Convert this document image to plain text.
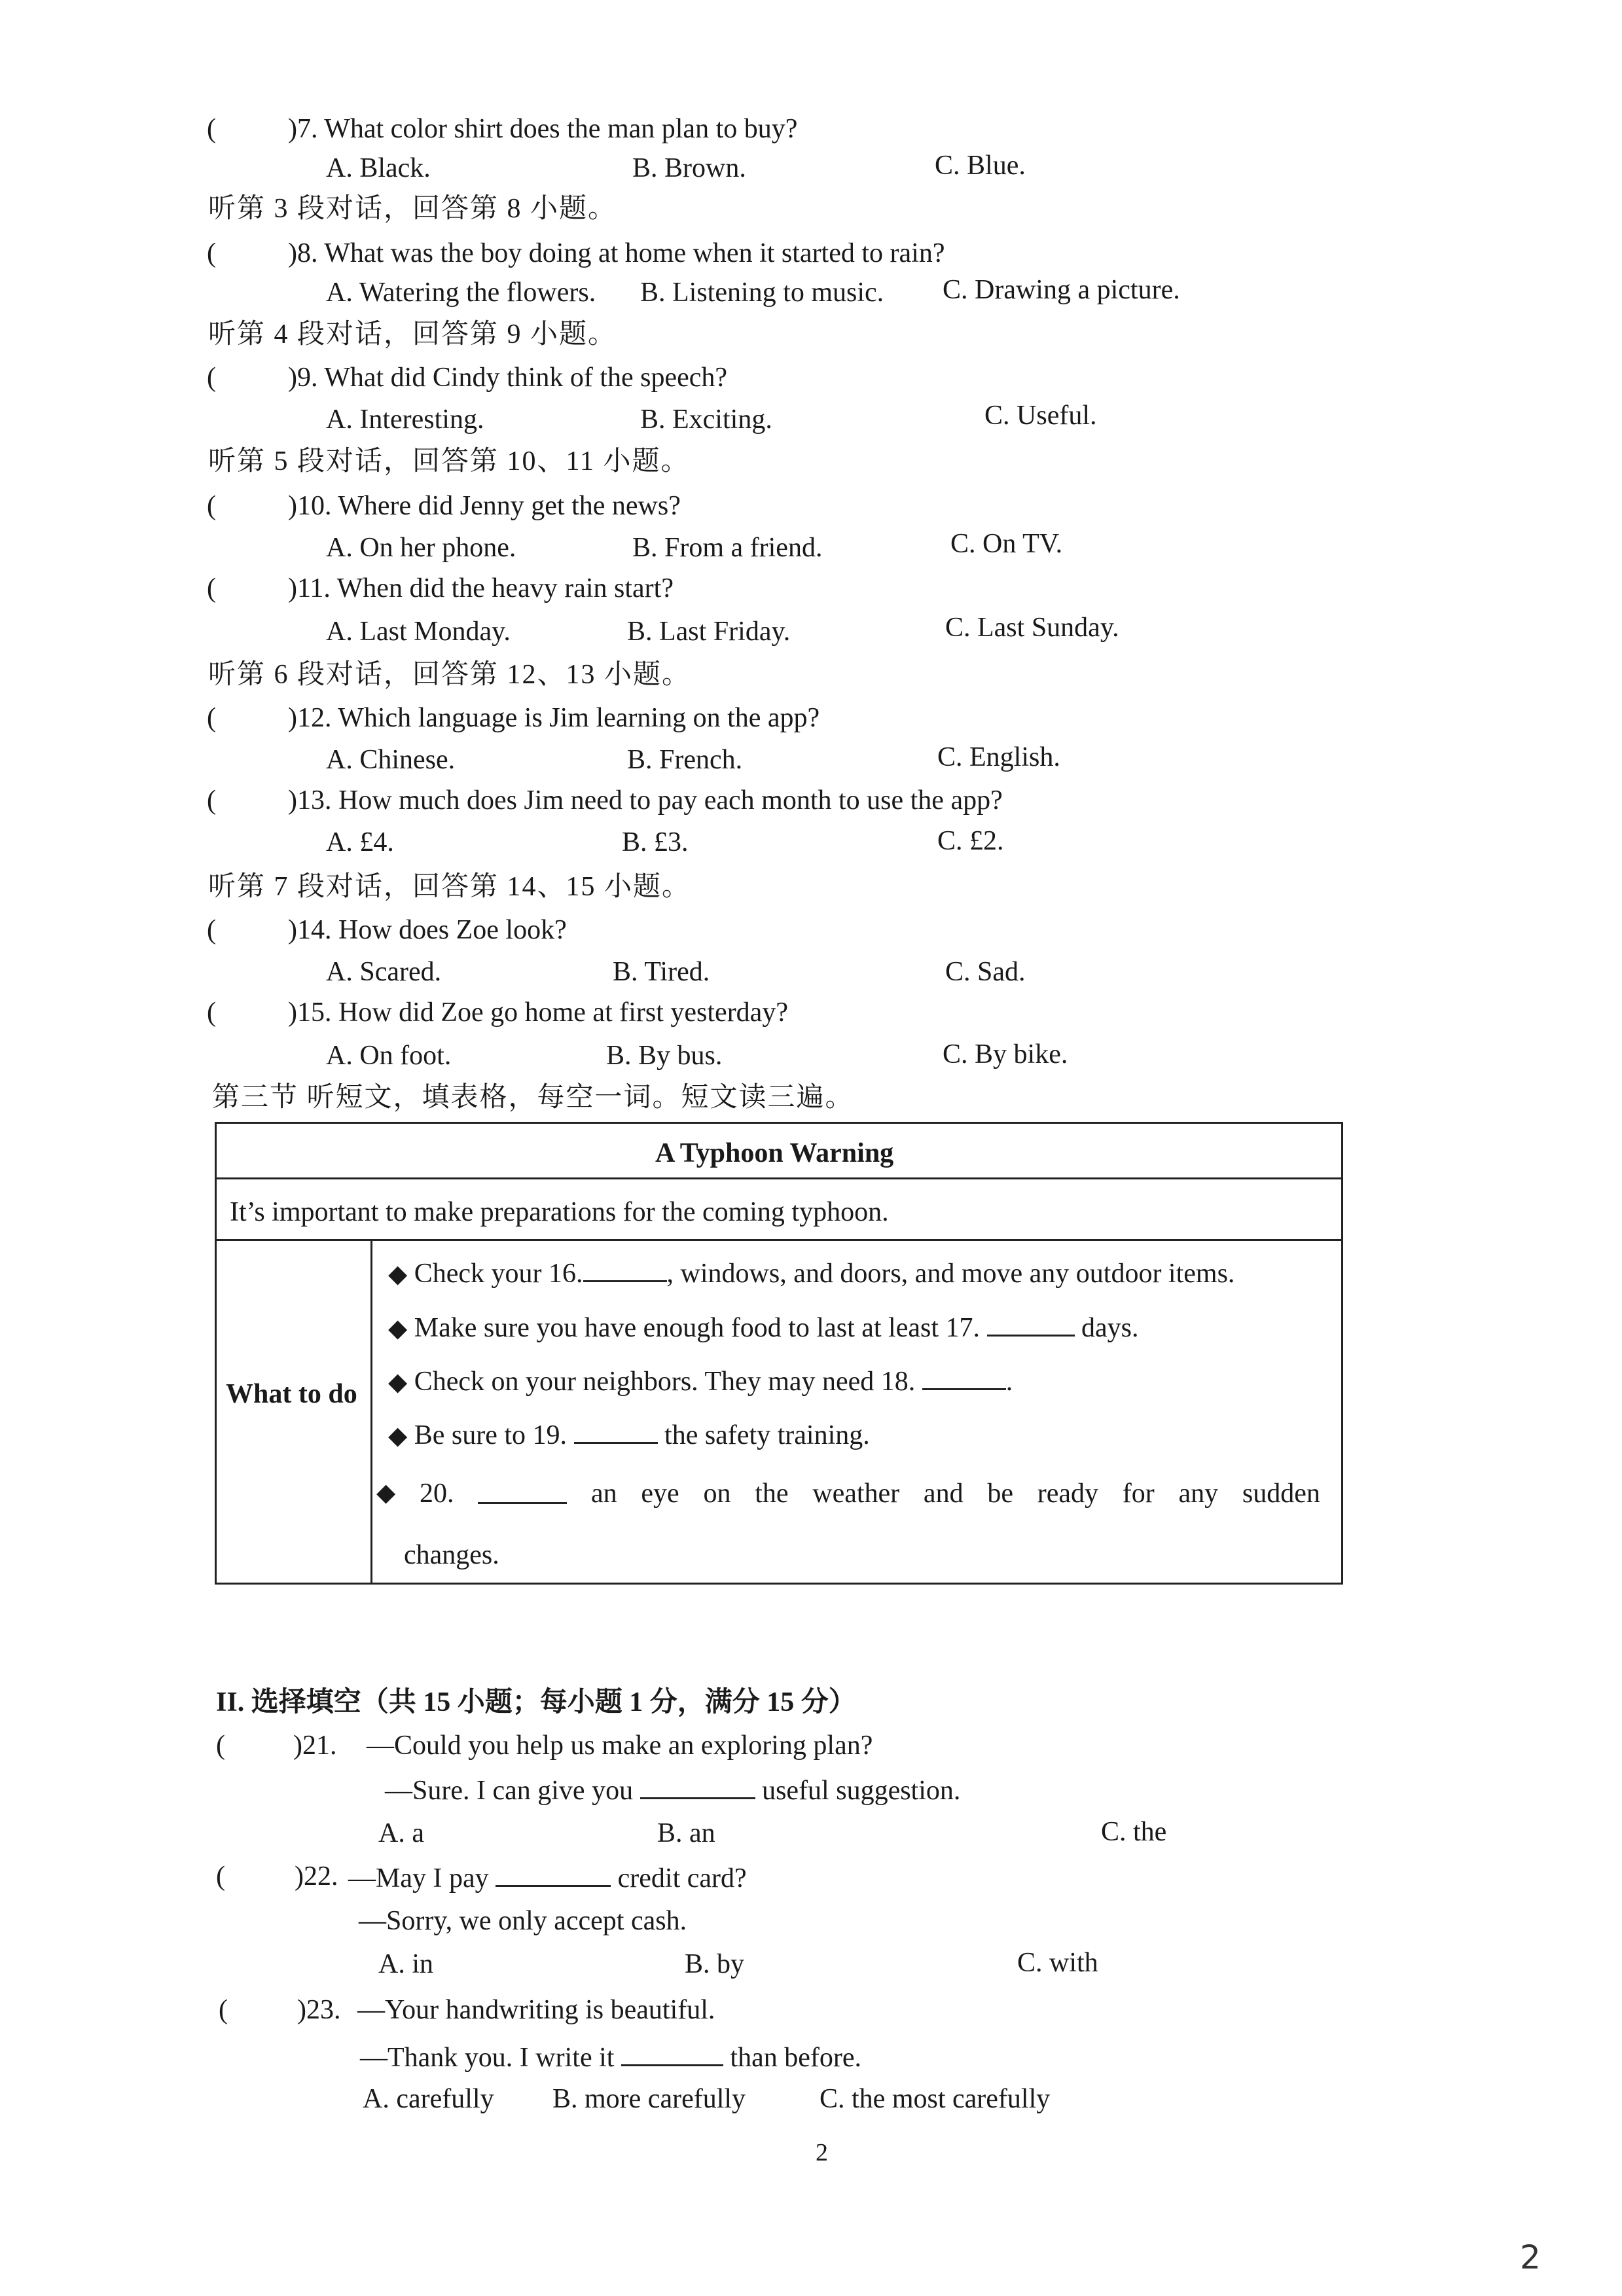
(	)7. What color shirt does the man plan to buy?
A. Black.	B. Brown.	C. Blue.
听第 3 段对话，回答第 8 小题。
(	)8. What was the boy doing at home when it started to rain?
A. Watering the flowers. B. Listening to music. C. Drawing a picture.
听第 4 段对话，回答第 9 小题。
(	)9. What did Cindy think of the speech?
A. Interesting.	B. Exciting.	C. Useful.
听第 5 段对话，回答第 10、11 小题。
(	)10. Where did Jenny get the news?
A. On her phone.	B. From a friend.	C. On TV.
(	)11. When did the heavy rain start?
A. Last Monday.	B. Last Friday.	C. Last Sunday.
听第 6 段对话，回答第 12、13 小题。
(	)12. Which language is Jim learning on the app?
A. Chinese.	B. French.	C. English.
(	)13. How much does Jim need to pay each month to use the app?
A. £4.	B. £3.	C. £2.
听第 7 段对话，回答第 14、15 小题。
(	)14. How does Zoe look?
A. Scared.	B. Tired.	C. Sad.
(	)15. How did Zoe go home at first yesterday?
A. On foot.	B. By bus.	C. By bike.
第三节 听短文，填表格，每空一词。短文读三遍。
A Typhoon Warning
It’s important to make preparations for the coming typhoon.
What to do
◆ Check your 16.	, windows, and doors, and move any outdoor items.
◆ Make sure you have enough food to last at least 17.	days.
◆ Check on your neighbors. They may need 18.	.
◆ Be sure to 19.	the safety training.
◆ 20.	an eye on the weather and be ready for any sudden
changes.
II. 选择填空（共 15 小题；每小题 1 分，满分 15 分）
( )21. —Could you help us make an exploring plan?
—Sure. I can give you	useful suggestion.
A. a	B. an	C. the
(	)22. —May I pay	credit card?
—Sorry, we only accept cash.
A. in	B. by	C. with
(	)23. —Your handwriting is beautiful.
—Thank you. I write it	than before.
A. carefully B. more carefully	C. the most carefully
2
2
